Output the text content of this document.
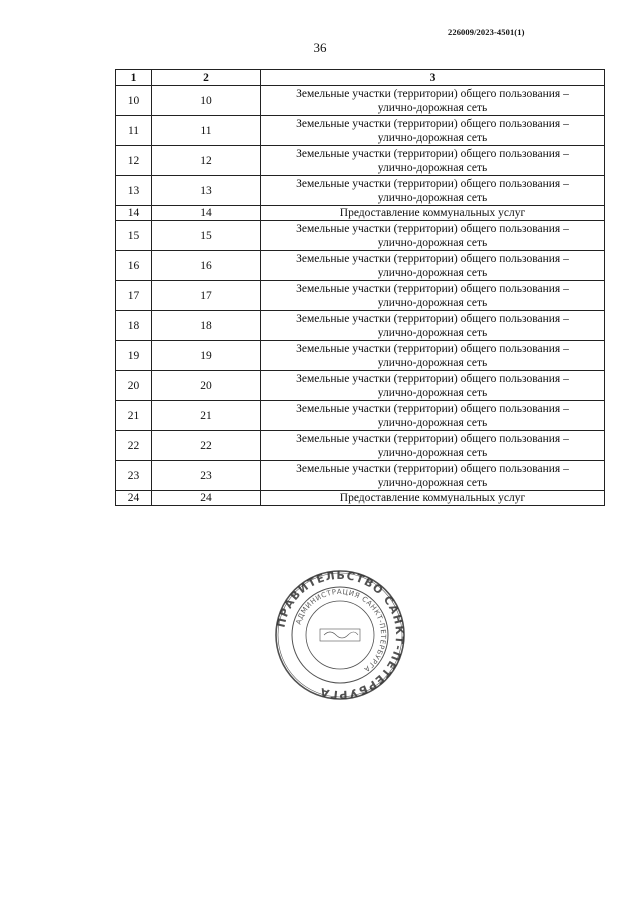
226009/2023-4501(1)
36
1	2	3
10	10	Земельные участки (территории) общего пользования –
улично-дорожная сеть
11	11	Земельные участки (территории) общего пользования –
улично-дорожная сеть
12	12	Земельные участки (территории) общего пользования –
улично-дорожная сеть
13	13	Земельные участки (территории) общего пользования –
улично-дорожная сеть
14	14	Предоставление коммунальных услуг
15	15	Земельные участки (территории) общего пользования –
улично-дорожная сеть
16	16	Земельные участки (территории) общего пользования –
улично-дорожная сеть
17	17	Земельные участки (территории) общего пользования –
улично-дорожная сеть
18	18	Земельные участки (территории) общего пользования –
улично-дорожная сеть
19	19	Земельные участки (территории) общего пользования –
улично-дорожная сеть
20	20	Земельные участки (территории) общего пользования –
улично-дорожная сеть
21	21	Земельные участки (территории) общего пользования –
улично-дорожная сеть
22	22	Земельные участки (территории) общего пользования –
улично-дорожная сеть
23	23	Земельные участки (территории) общего пользования –
улично-дорожная сеть
24	24	Предоставление коммунальных услуг
ПРАВИТЕЛЬСТВО САНКТ-ПЕТЕРБУРГА
АДМИНИСТРАЦИЯ САНКТ-ПЕТЕРБУРГА
